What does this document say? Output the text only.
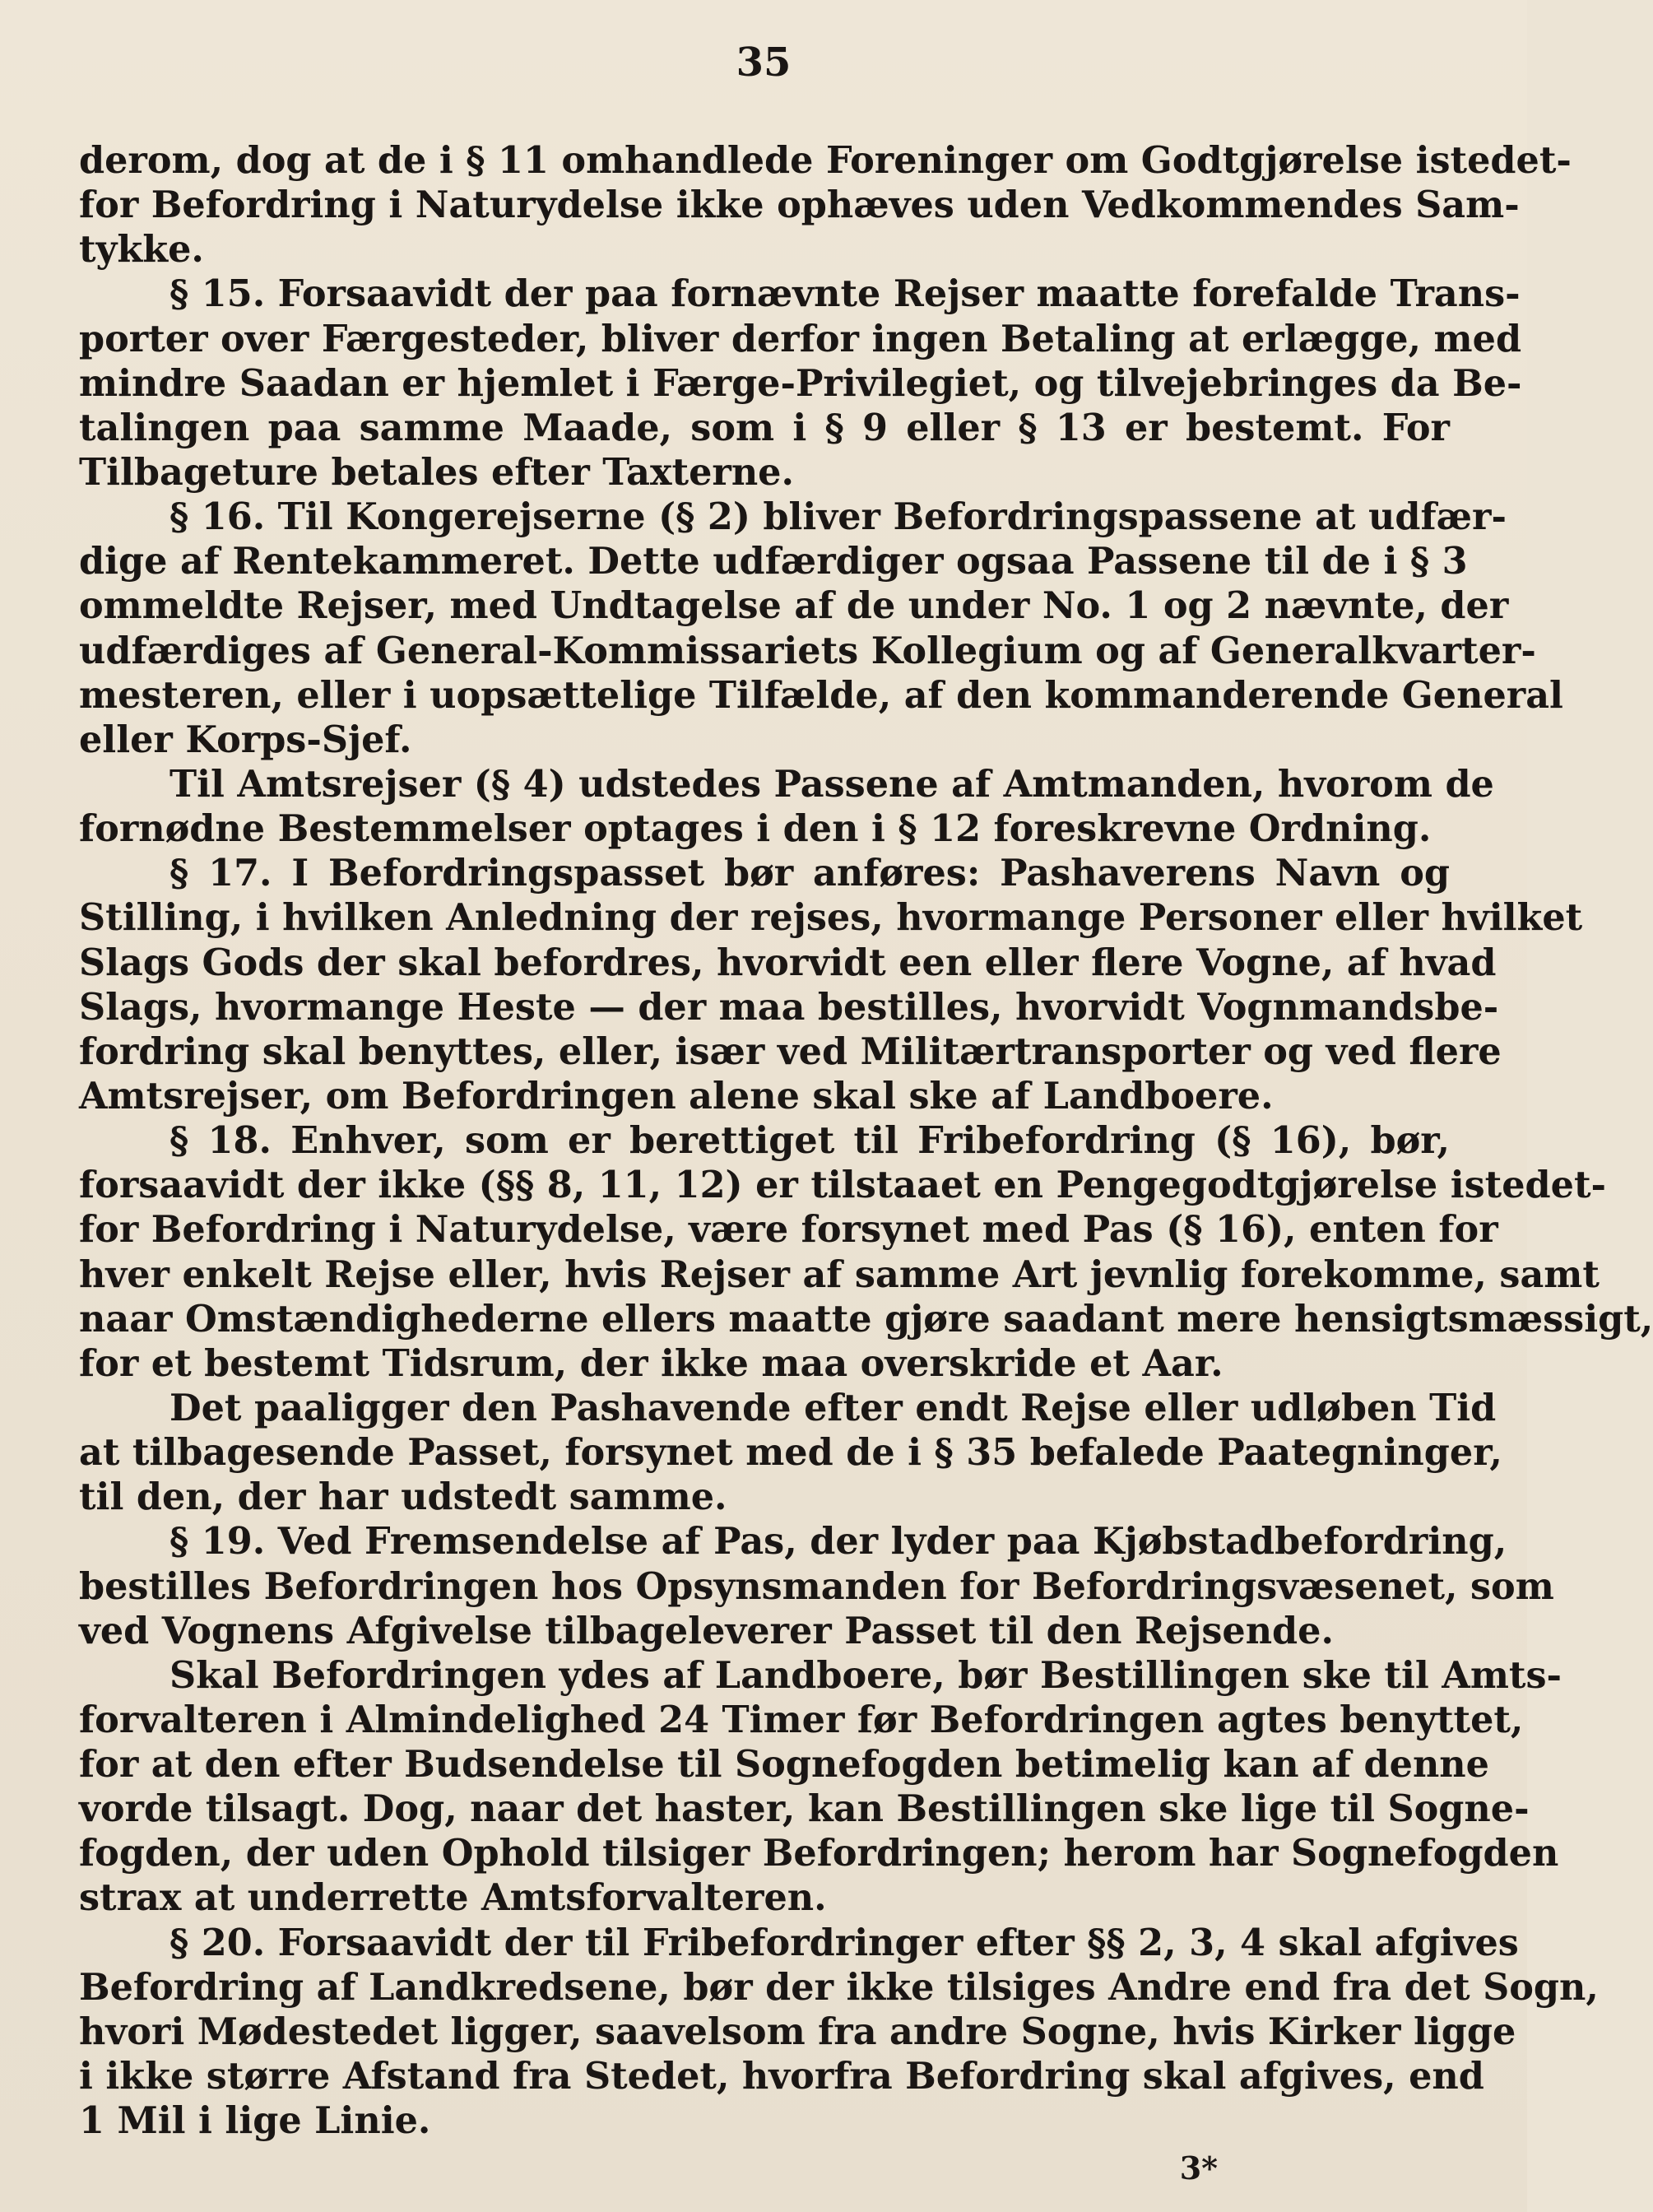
35
derom, dog at de i § 11 omhandlede Foreninger om Godtgjørelse istedet-
for Befordring i Naturydelse ikke ophæves uden Vedkommendes Sam-
tykke.
§ 15. Forsaavidt der paa fornævnte Rejser maatte forefalde Trans-
porter over Færgesteder, bliver derfor ingen Betaling at erlægge, med
mindre Saadan er hjemlet i Færge-Privilegiet, og tilvejebringes da Be-
talingen paa samme Maade, som i § 9 eller § 13 er bestemt. For
Tilbageture betales efter Taxterne.
§ 16. Til Kongerejserne (§ 2) bliver Befordringspassene at udfær-
dige af Rentekammeret. Dette udfærdiger ogsaa Passene til de i § 3
ommeldte Rejser, med Undtagelse af de under No. 1 og 2 nævnte, der
udfærdiges af General-Kommissariets Kollegium og af Generalkvarter-
mesteren, eller i uopsættelige Tilfælde, af den kommanderende General
eller Korps-Sjef.
Til Amtsrejser (§ 4) udstedes Passene af Amtmanden, hvorom de
fornødne Bestemmelser optages i den i § 12 foreskrevne Ordning.
§ 17. I Befordringspasset bør anføres: Pashaverens Navn og
Stilling, i hvilken Anledning der rejses, hvormange Personer eller hvilket
Slags Gods der skal befordres, hvorvidt een eller flere Vogne, af hvad
Slags, hvormange Heste — der maa bestilles, hvorvidt Vognmandsbe-
fordring skal benyttes, eller, især ved Militærtransporter og ved flere
Amtsrejser, om Befordringen alene skal ske af Landboere.
§ 18. Enhver, som er berettiget til Fribefordring (§ 16), bør,
forsaavidt der ikke (§§ 8, 11, 12) er tilstaaet en Pengegodtgjørelse istedet-
for Befordring i Naturydelse, være forsynet med Pas (§ 16), enten for
hver enkelt Rejse eller, hvis Rejser af samme Art jevnlig forekomme, samt
naar Omstændighederne ellers maatte gjøre saadant mere hensigtsmæssigt,
for et bestemt Tidsrum, der ikke maa overskride et Aar.
Det paaligger den Pashavende efter endt Rejse eller udløben Tid
at tilbagesende Passet, forsynet med de i § 35 befalede Paategninger,
til den, der har udstedt samme.
§ 19. Ved Fremsendelse af Pas, der lyder paa Kjøbstadbefordring,
bestilles Befordringen hos Opsynsmanden for Befordringsvæsenet, som
ved Vognens Afgivelse tilbageleverer Passet til den Rejsende.
Skal Befordringen ydes af Landboere, bør Bestillingen ske til Amts-
forvalteren i Almindelighed 24 Timer før Befordringen agtes benyttet,
for at den efter Budsendelse til Sognefogden betimelig kan af denne
vorde tilsagt. Dog, naar det haster, kan Bestillingen ske lige til Sogne-
fogden, der uden Ophold tilsiger Befordringen; herom har Sognefogden
strax at underrette Amtsforvalteren.
§ 20. Forsaavidt der til Fribefordringer efter §§ 2, 3, 4 skal afgives
Befordring af Landkredsene, bør der ikke tilsiges Andre end fra det Sogn,
hvori Mødestedet ligger, saavelsom fra andre Sogne, hvis Kirker ligge
i ikke større Afstand fra Stedet, hvorfra Befordring skal afgives, end
1 Mil i lige Linie.
3*
